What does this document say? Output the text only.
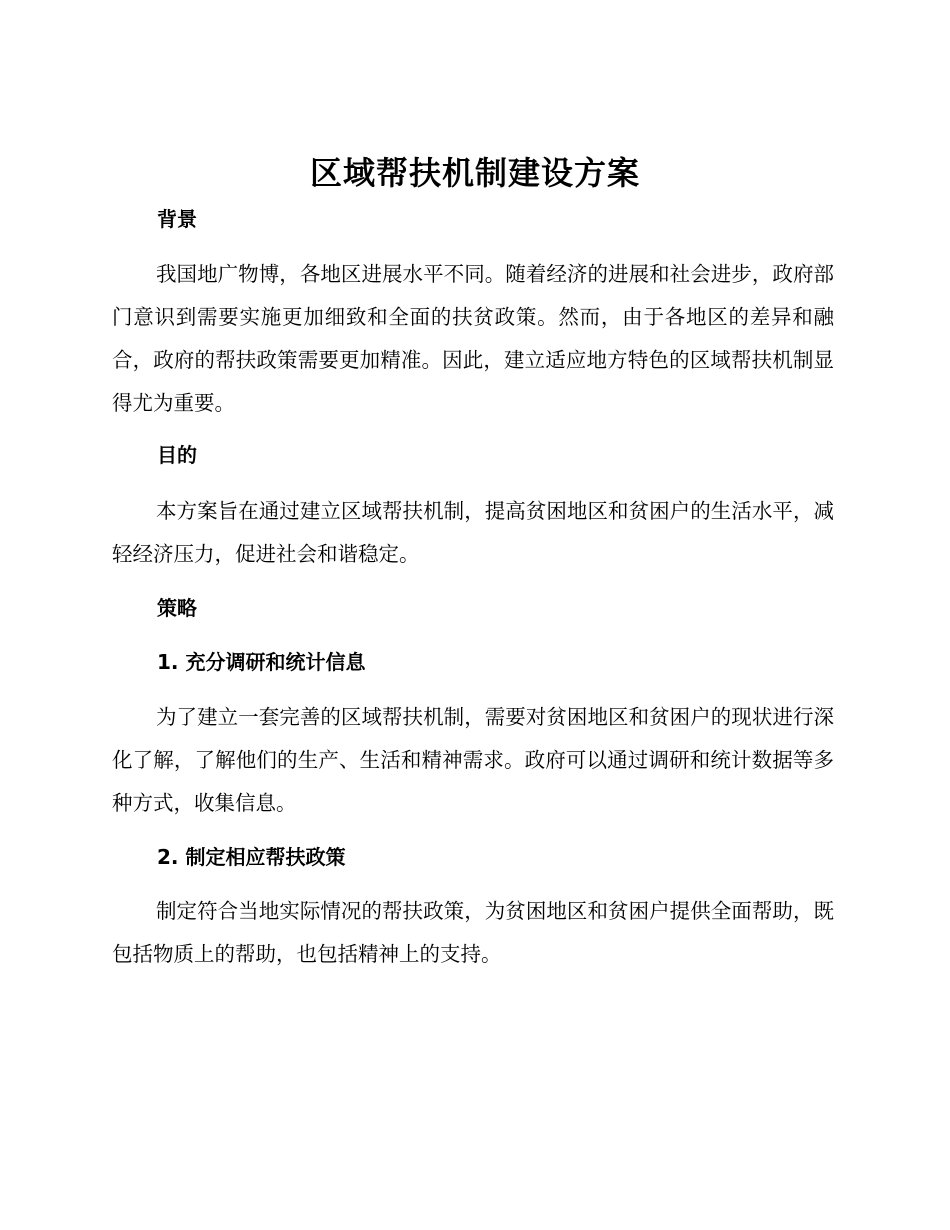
区域帮扶机制建设方案
背景

我国地广物博，各地区进展水平不同。随着经济的进展和社会进步，政府部门意识到需要实施更加细致和全面的扶贫政策。然而，由于各地区的差异和融合，政府的帮扶政策需要更加精准。因此，建立适应地方特色的区域帮扶机制显得尤为重要。

目的

本方案旨在通过建立区域帮扶机制，提高贫困地区和贫困户的生活水平，减轻经济压力，促进社会和谐稳定。

策略
1. 充分调研和统计信息

为了建立一套完善的区域帮扶机制，需要对贫困地区和贫困户的现状进行深化了解，了解他们的生产、生活和精神需求。政府可以通过调研和统计数据等多种方式，收集信息。

2. 制定相应帮扶政策

制定符合当地实际情况的帮扶政策，为贫困地区和贫困户提供全面帮助，既包括物质上的帮助，也包括精神上的支持。
